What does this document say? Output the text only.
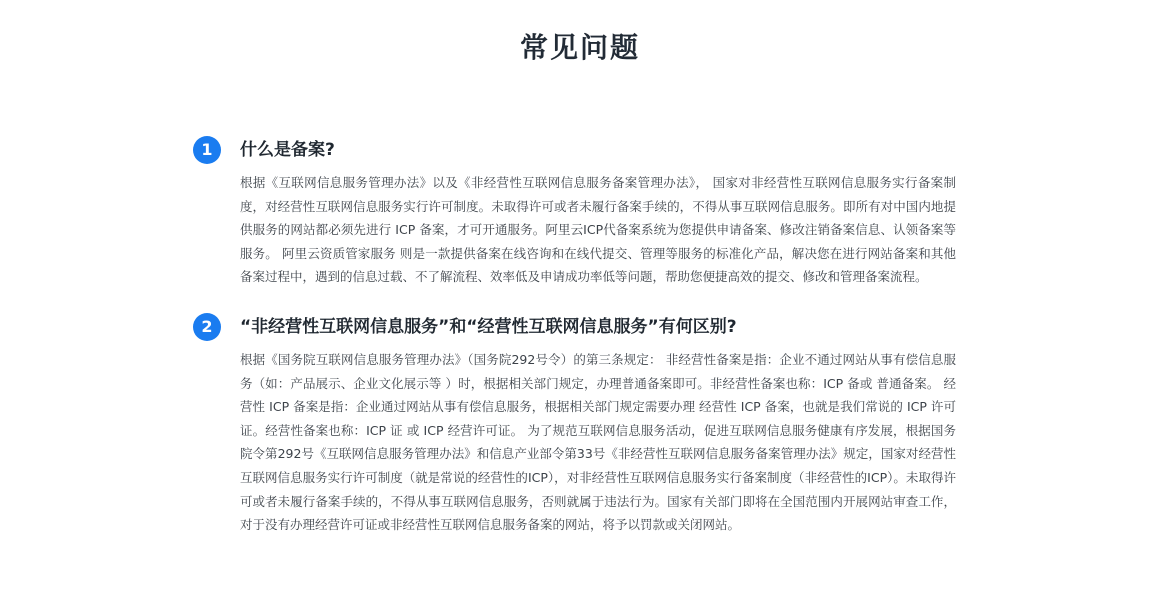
常见问题
1	什么是备案?

根据《互联网信息服务管理办法》以及《非经营性互联网信息服务备案管理办法》， 国家对非经营性互联网信息服务实行备案制度，对经营性互联网信息服务实行许可制度。未取得许可或者未履行备案手续的，不得从事互联网信息服务。即所有对中国内地提供服务的网站都必须先进行 ICP 备案，才可开通服务。阿里云ICP代备案系统为您提供申请备案、修改注销备案信息、认领备案等服务。 阿里云资质管家服务 则是一款提供备案在线咨询和在线代提交、管理等服务的标准化产品，解决您在进行网站备案和其他备案过程中，遇到的信息过载、不了解流程、效率低及申请成功率低等问题，帮助您便捷高效的提交、修改和管理备案流程。

2	“非经营性互联网信息服务”和“经营性互联网信息服务”有何区别?

根据《国务院互联网信息服务管理办法》（国务院292号令）的第三条规定： 非经营性备案是指：企业不通过网站从事有偿信息服务（如：产品展示、企业文化展示等 ）时，根据相关部门规定，办理普通备案即可。非经营性备案也称：ICP 备或 普通备案。 经营性 ICP 备案是指：企业通过网站从事有偿信息服务，根据相关部门规定需要办理 经营性 ICP 备案，也就是我们常说的 ICP 许可证。经营性备案也称：ICP 证 或 ICP 经营许可证。 为了规范互联网信息服务活动，促进互联网信息服务健康有序发展，根据国务院令第292号《互联网信息服务管理办法》和信息产业部令第33号《非经营性互联网信息服务备案管理办法》规定，国家对经营性互联网信息服务实行许可制度（就是常说的经营性的ICP），对非经营性互联网信息服务实行备案制度（非经营性的ICP）。未取得许可或者未履行备案手续的，不得从事互联网信息服务，否则就属于违法行为。国家有关部门即将在全国范围内开展网站审查工作，对于没有办理经营许可证或非经营性互联网信息服务备案的网站，将予以罚款或关闭网站。
